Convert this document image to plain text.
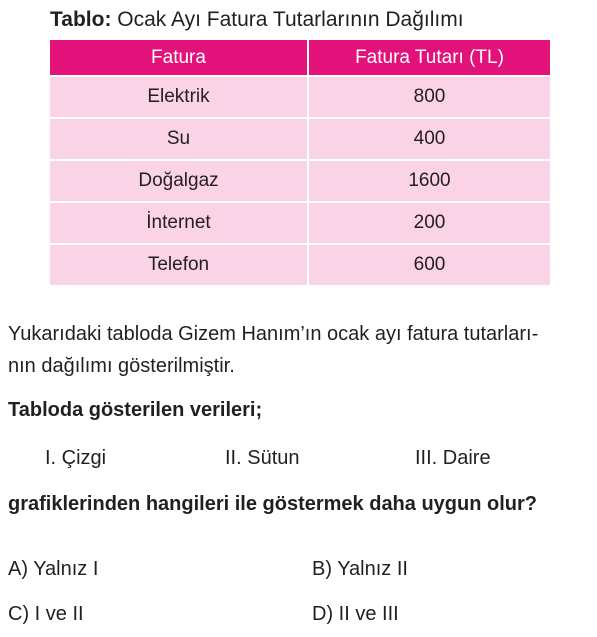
Tablo: Ocak Ayı Fatura Tutarlarının Dağılımı
Fatura	Fatura Tutarı (TL)
Elektrik	800
Su	400
Doğalgaz	1600
İnternet	200
Telefon	600

Yukarıdaki tabloda Gizem Hanım’ın ocak ayı fatura tutarları-
nın dağılımı gösterilmiştir.

Tabloda gösterilen verileri;

I. Çizgi	II. Sütun	III. Daire

grafiklerinden hangileri ile göstermek daha uygun olur?

A) Yalnız I	B) Yalnız II
C) I ve II	D) II ve III
